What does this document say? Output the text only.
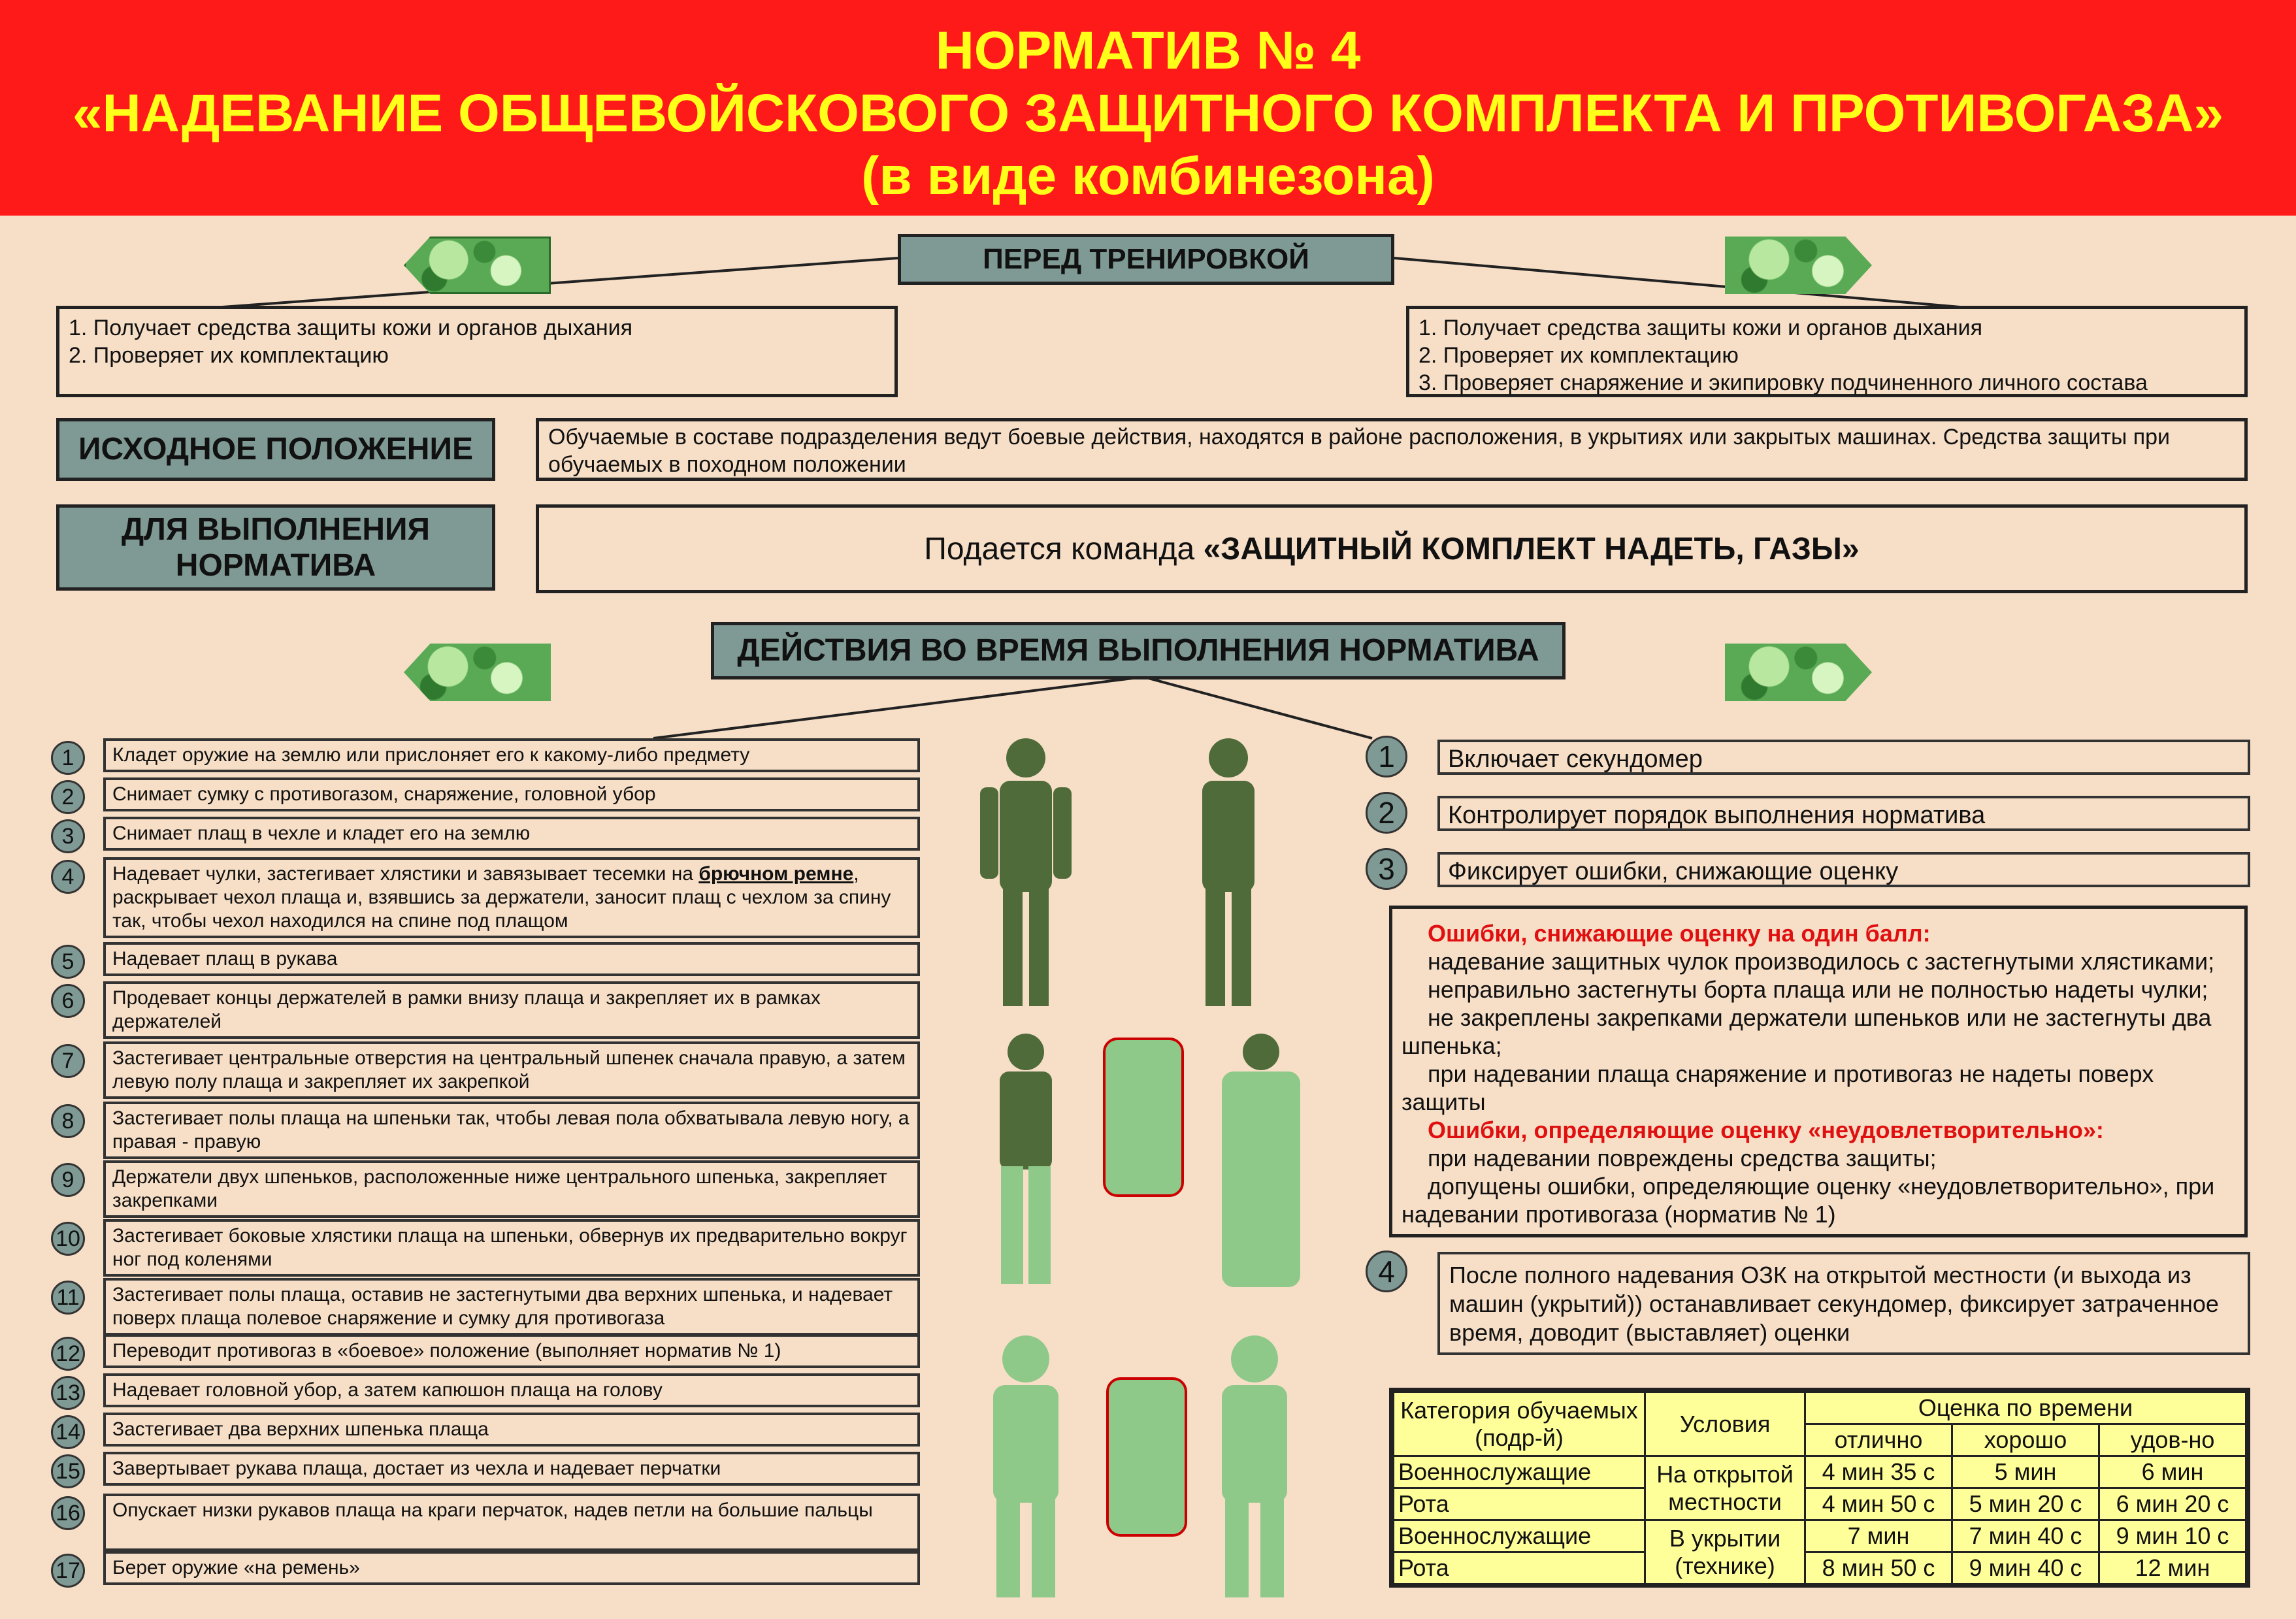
НОРМАТИВ № 4
«НАДЕВАНИЕ ОБЩЕВОЙСКОВОГО ЗАЩИТНОГО КОМПЛЕКТА И ПРОТИВОГАЗА»
(в виде комбинезона)
ПЕРЕД ТРЕНИРОВКОЙ
1. Получает средства защиты кожи и органов дыхания
2. Проверяет их комплектацию
1. Получает средства защиты кожи и органов дыхания
2. Проверяет их комплектацию
3. Проверяет снаряжение и экипировку подчиненного личного состава
ИСХОДНОЕ ПОЛОЖЕНИЕ	Обучаемые в составе подразделения ведут боевые действия, находятся в районе расположения, в укрытиях или закрытых машинах. Средства защиты при обучаемых в походном положении
ДЛЯ ВЫПОЛНЕНИЯ
НОРМАТИВА	Подается команда «ЗАЩИТНЫЙ КОМПЛЕКТ НАДЕТЬ, ГАЗЫ»
ДЕЙСТВИЯ ВО ВРЕМЯ ВЫПОЛНЕНИЯ НОРМАТИВА
1	Кладет оружие на землю или прислоняет его к какому-либо предмету
2	Снимает сумку с противогазом, снаряжение, головной убор
3	Снимает плащ в чехле и кладет его на землю
4	Надевает чулки, застегивает хлястики и завязывает тесемки на брючном ремне, раскрывает чехол плаща и, взявшись за держатели, заносит плащ с чехлом за спину так, чтобы чехол находился на спине под плащом
5	Надевает плащ в рукава
6	Продевает концы держателей в рамки внизу плаща и закрепляет их в рамках держателей
7	Застегивает центральные отверстия на центральный шпенек сначала правую, а затем левую полу плаща и закрепляет их закрепкой
8	Застегивает полы плаща на шпеньки так, чтобы левая пола обхватывала левую ногу, а правая - правую
9	Держатели двух шпеньков, расположенные ниже центрального шпенька, закрепляет закрепками
10	Застегивает боковые хлястики плаща на шпеньки, обвернув их предварительно вокруг ног под коленями
11	Застегивает полы плаща, оставив не застегнутыми два верхних шпенька, и надевает поверх плаща полевое снаряжение и сумку для противогаза
12	Переводит противогаз в «боевое» положение (выполняет норматив № 1)
13	Надевает головной убор, а затем капюшон плаща на голову
14	Застегивает два верхних шпенька плаща
15	Завертывает рукава плаща, достает из чехла и надевает перчатки
16	Опускает низки рукавов плаща на краги перчаток, надев петли на большие пальцы
17	Берет оружие «на ремень»
1	Включает секундомер
2	Контролирует порядок выполнения норматива
3	Фиксирует ошибки, снижающие оценку
Ошибки, снижающие оценку на один балл:
надевание защитных чулок производилось с застегнутыми хлястиками;
неправильно застегнуты борта плаща или не полностью надеты чулки;
не закреплены закрепками держатели шпеньков или не застегнуты два шпенька;
при надевании плаща снаряжение и противогаз не надеты поверх защиты
Ошибки, определяющие оценку «неудовлетворительно»:
при надевании повреждены средства защиты;
допущены ошибки, определяющие оценку «неудовлетворительно», при надевании противогаза (норматив № 1)
4	После полного надевания ОЗК на открытой местности (и выхода из машин (укрытий)) останавливает секундомер, фиксирует затраченное время, доводит (выставляет) оценки
Категория обучаемых (подр-й)	Условия	Оценка по времени		
		отлично	хорошо	удов-но
Военнослужащие	На открытой местности	4 мин 35 с	5 мин	6 мин
Рота		4 мин 50 с	5 мин 20 с	6 мин 20 с
Военнослужащие	В укрытии (технике)	7 мин	7 мин 40 с	9 мин 10 с
Рота		8 мин 50 с	9 мин 40 с	12 мин
